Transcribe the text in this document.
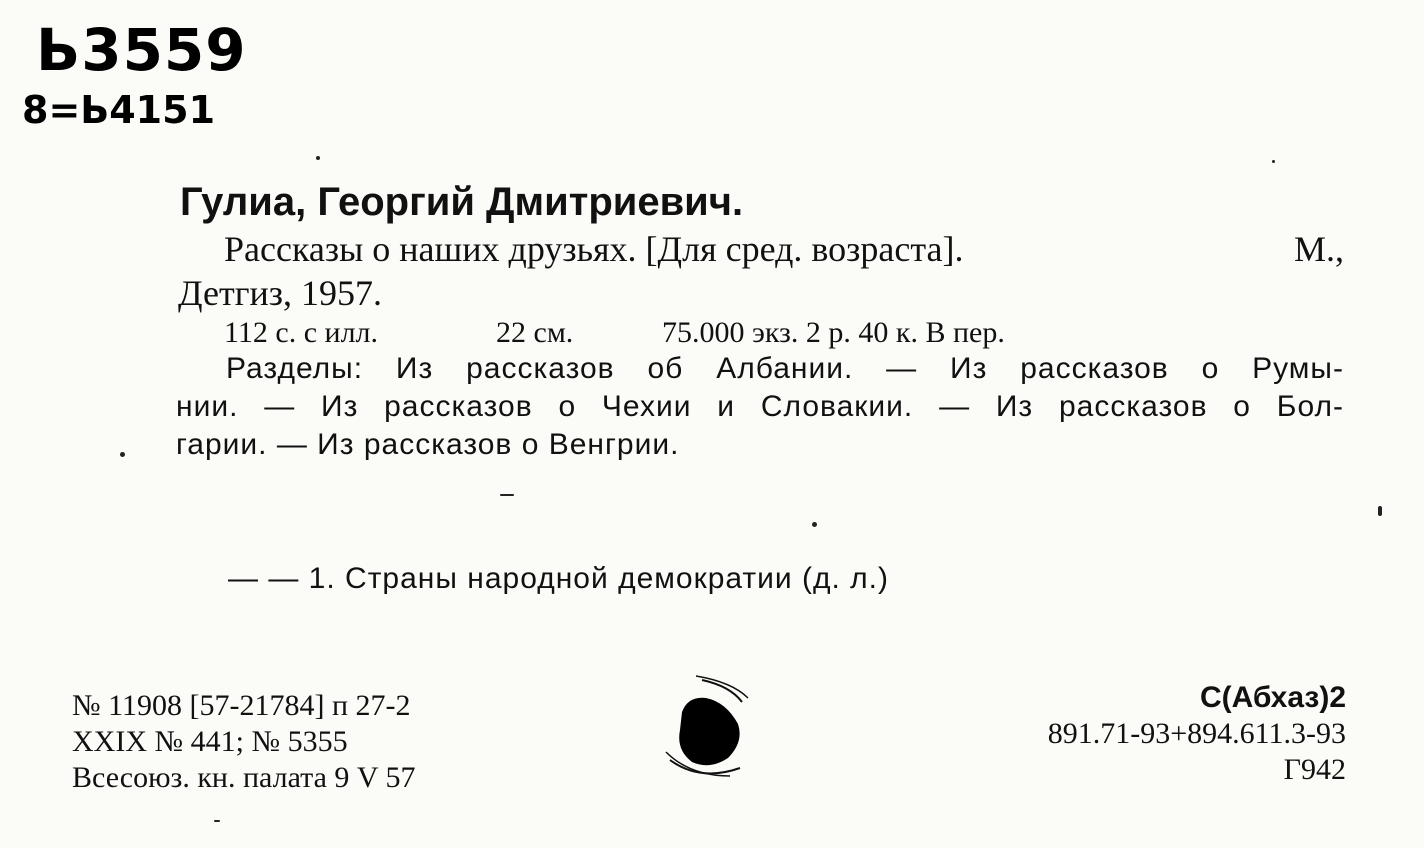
Ь3559
8=Ь4151
Гулиа, Георгий Дмитриевич.
Рассказы о наших друзьях. [Для сред. возраста].	М.,
Детгиз, 1957.
112 с. с илл.	22 см.	75.000 экз. 2 р. 40 к. В пер.
Разделы: Из рассказов об Албании. — Из рассказов о Румы-
нии. — Из рассказов о Чехии и Словакии. — Из рассказов о Бол-
гарии. — Из рассказов о Венгрии.
— — 1. Страны народной демократии (д. л.)
№ 11908 [57-21784] п 27-2
XXIX № 441; № 5355
Всесоюз. кн. палата 9 V 57
С(Абхаз)2
891.71-93+894.611.3-93
Г942
